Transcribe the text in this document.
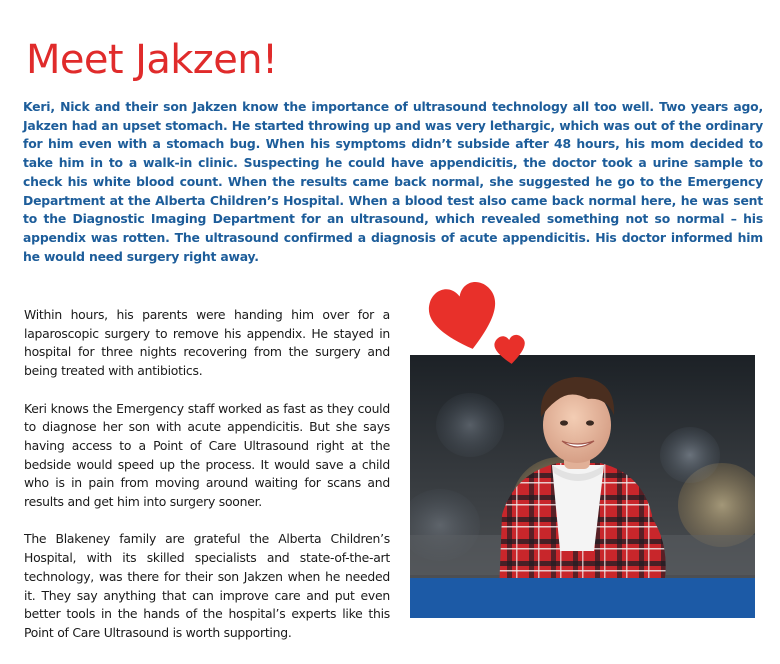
Meet Jakzen!

Keri, Nick and their son Jakzen know the importance of ultrasound technology all too well. Two years ago, Jakzen had an upset stomach. He started throwing up and was very lethargic, which was out of the ordinary for him even with a stomach bug. When his symptoms didn’t subside after 48 hours, his mom decided to take him in to a walk-in clinic. Suspecting he could have appendicitis, the doctor took a urine sample to check his white blood count. When the results came back normal, she suggested he go to the Emergency Department at the Alberta Children’s Hospital. When a blood test also came back normal here, he was sent to the Diagnostic Imaging Department for an ultrasound, which revealed something not so normal – his appendix was rotten. The ultrasound confirmed a diagnosis of acute appendicitis. His doctor informed him he would need surgery right away.

Within hours, his parents were handing him over for a laparoscopic surgery to remove his appendix. He stayed in hospital for three nights recovering from the surgery and being treated with antibiotics.

Keri knows the Emergency staff worked as fast as they could to diagnose her son with acute appendicitis. But she says having access to a Point of Care Ultrasound right at the bedside would speed up the process. It would save a child who is in pain from moving around waiting for scans and results and get him into surgery sooner.

The Blakeney family are grateful the Alberta Children’s Hospital, with its skilled specialists and state-of-the-art technology, was there for their son Jakzen when he needed it. They say anything that can improve care and put even better tools in the hands of the hospital’s experts like this Point of Care Ultrasound is worth supporting.
